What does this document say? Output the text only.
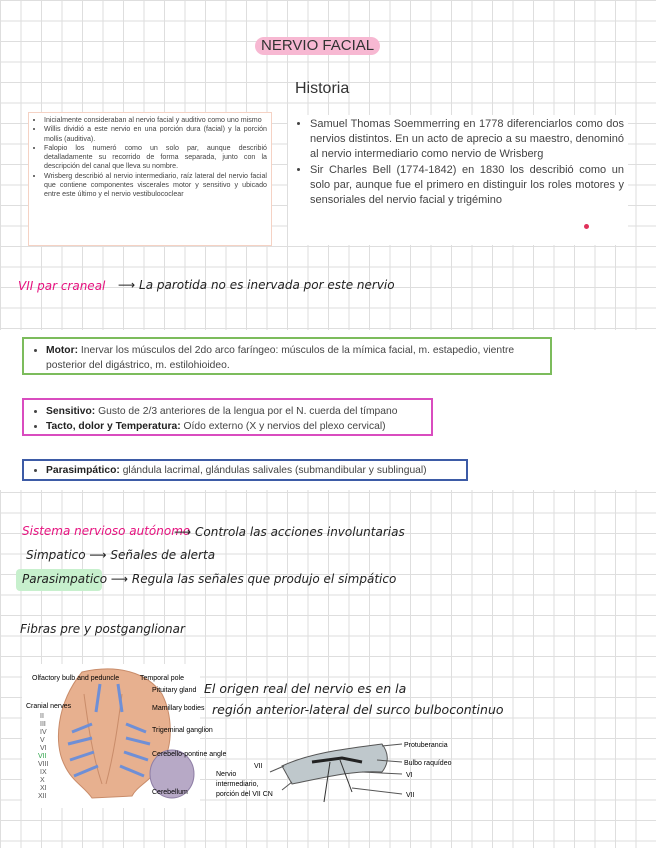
NERVIO FACIAL
Historia
• Inicialmente consideraban al nervio facial y auditivo como uno mismo
• Willis dividió a este nervio en una porción dura (facial) y la porción mollis (auditiva).
• Falopio los numeró como un solo par, aunque describió detalladamente su recorrido de forma separada, junto con la descripción del canal que lleva su nombre.
• Wrisberg describió al nervio intermediario, raíz lateral del nervio facial que contiene componentes viscerales motor y sensitivo y ubicado entre este último y el nervio vestibulococlear
• Samuel Thomas Soemmerring en 1778 diferenciarlos como dos nervios distintos. En un acto de aprecio a su maestro, denominó al nervio intermediario como nervio de Wrisberg
• Sir Charles Bell (1774-1842) en 1830 los describió como un solo par, aunque fue el primero en distinguir los roles motores y sensoriales del nervio facial y trigémino
VII par craneal ⟶ La parotida no es inervada por este nervio
• Motor: Inervar los músculos del 2do arco faríngeo: músculos de la mímica facial, m. estapedio, vientre posterior del digástrico, m. estilohioideo.
• Sensitivo: Gusto de 2/3 anteriores de la lengua por el N. cuerda del tímpano
• Tacto, dolor y Temperatura: Oído externo (X y nervios del plexo cervical)
• Parasimpático: glándula lacrimal, glándulas salivales (submandibular y sublingual)
Sistema nervioso autónomo
⟶ Controla las acciones involuntarias
Simpatico ⟶ Señales de alerta
Parasimpatico ⟶ Regula las señales que produjo el simpático
Fibras pre y postganglionar
Olfactory bulb and peduncle
Cranial nerves
Temporal pole
Pituitary gland
Mamillary bodies
Trigeminal ganglion
Cerebello-pontine angle
Cerebellum
II
III
IV
V
VI
VII
VIII
IX
X
XI
XII
El origen real del nervio es en la
región anterior-lateral del surco bulbocontinuo
Protuberancia
Bulbo raquídeo
VI
VII
VII
Nervio
intermediario,
porción del VII CN
